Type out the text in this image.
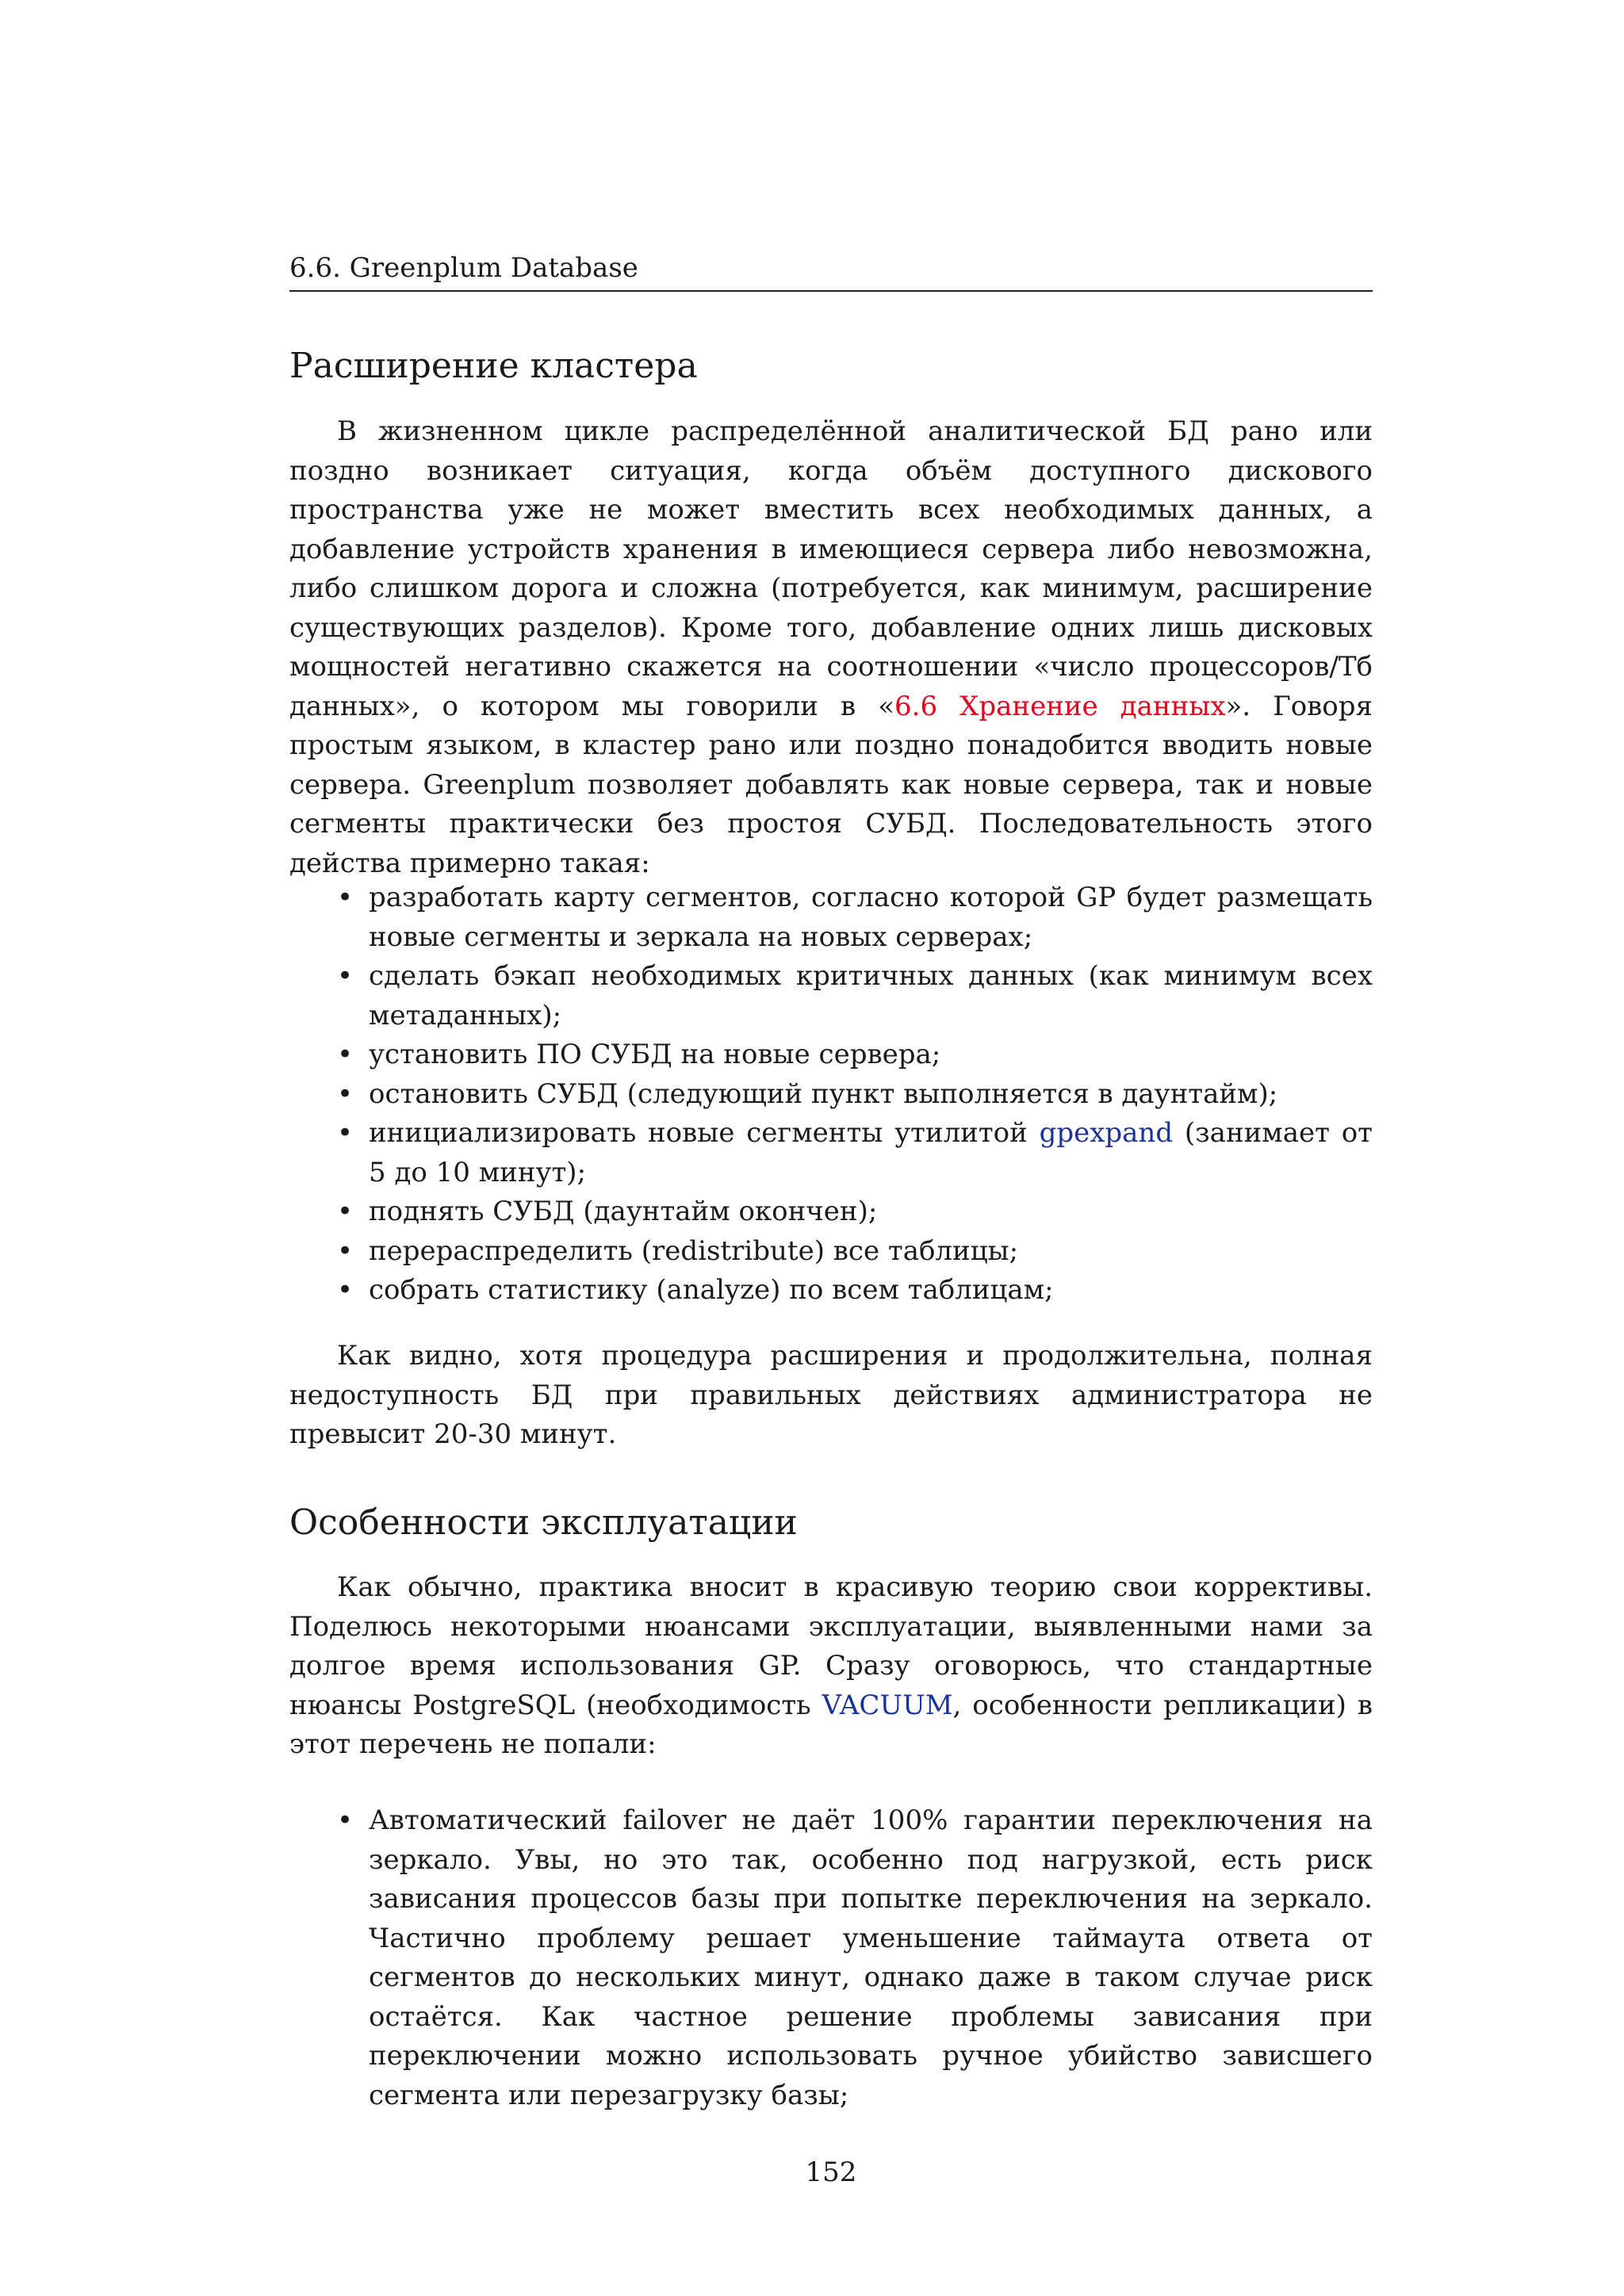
6.6. Greenplum Database
Расширение кластера

В жизненном цикле распределённой аналитической БД рано или поздно возникает ситуация, когда объём доступного дискового пространства уже не может вместить всех необходимых данных, а добавление устройств хранения в имеющиеся сервера либо невозможна, либо слишком дорога и сложна (потребуется, как минимум, расширение существующих разделов). Кроме того, добавление одних лишь дисковых мощностей негативно скажется на соотношении «число процессоров/Тб данных», о котором мы говорили в «6.6 Хранение данных». Говоря простым языком, в кластер рано или поздно понадобится вводить новые сервера. Greenplum позволяет добавлять как новые сервера, так и новые сегменты практически без простоя СУБД. Последовательность этого действа примерно такая:

• разработать карту сегментов, согласно которой GP будет размещать новые сегменты и зеркала на новых серверах;
• сделать бэкап необходимых критичных данных (как минимум всех метаданных);
• установить ПО СУБД на новые сервера;
• остановить СУБД (следующий пункт выполняется в даунтайм);
• инициализировать новые сегменты утилитой gpexpand (занимает от 5 до 10 минут);
• поднять СУБД (даунтайм окончен);
• перераспределить (redistribute) все таблицы;
• собрать статистику (analyze) по всем таблицам;

Как видно, хотя процедура расширения и продолжительна, полная недоступность БД при правильных действиях администратора не превысит 20-30 минут.

Особенности эксплуатации

Как обычно, практика вносит в красивую теорию свои коррективы. Поделюсь некоторыми нюансами эксплуатации, выявленными нами за долгое время использования GP. Сразу оговорюсь, что стандартные нюансы PostgreSQL (необходимость VACUUM, особенности репликации) в этот перечень не попали:

• Автоматический failover не даёт 100% гарантии переключения на зеркало. Увы, но это так, особенно под нагрузкой, есть риск зависания процессов базы при попытке переключения на зеркало. Частично проблему решает уменьшение таймаута ответа от сегментов до нескольких минут, однако даже в таком случае риск остаётся. Как частное решение проблемы зависания при переключении можно использовать ручное убийство зависшего сегмента или перезагрузку базы;
152
